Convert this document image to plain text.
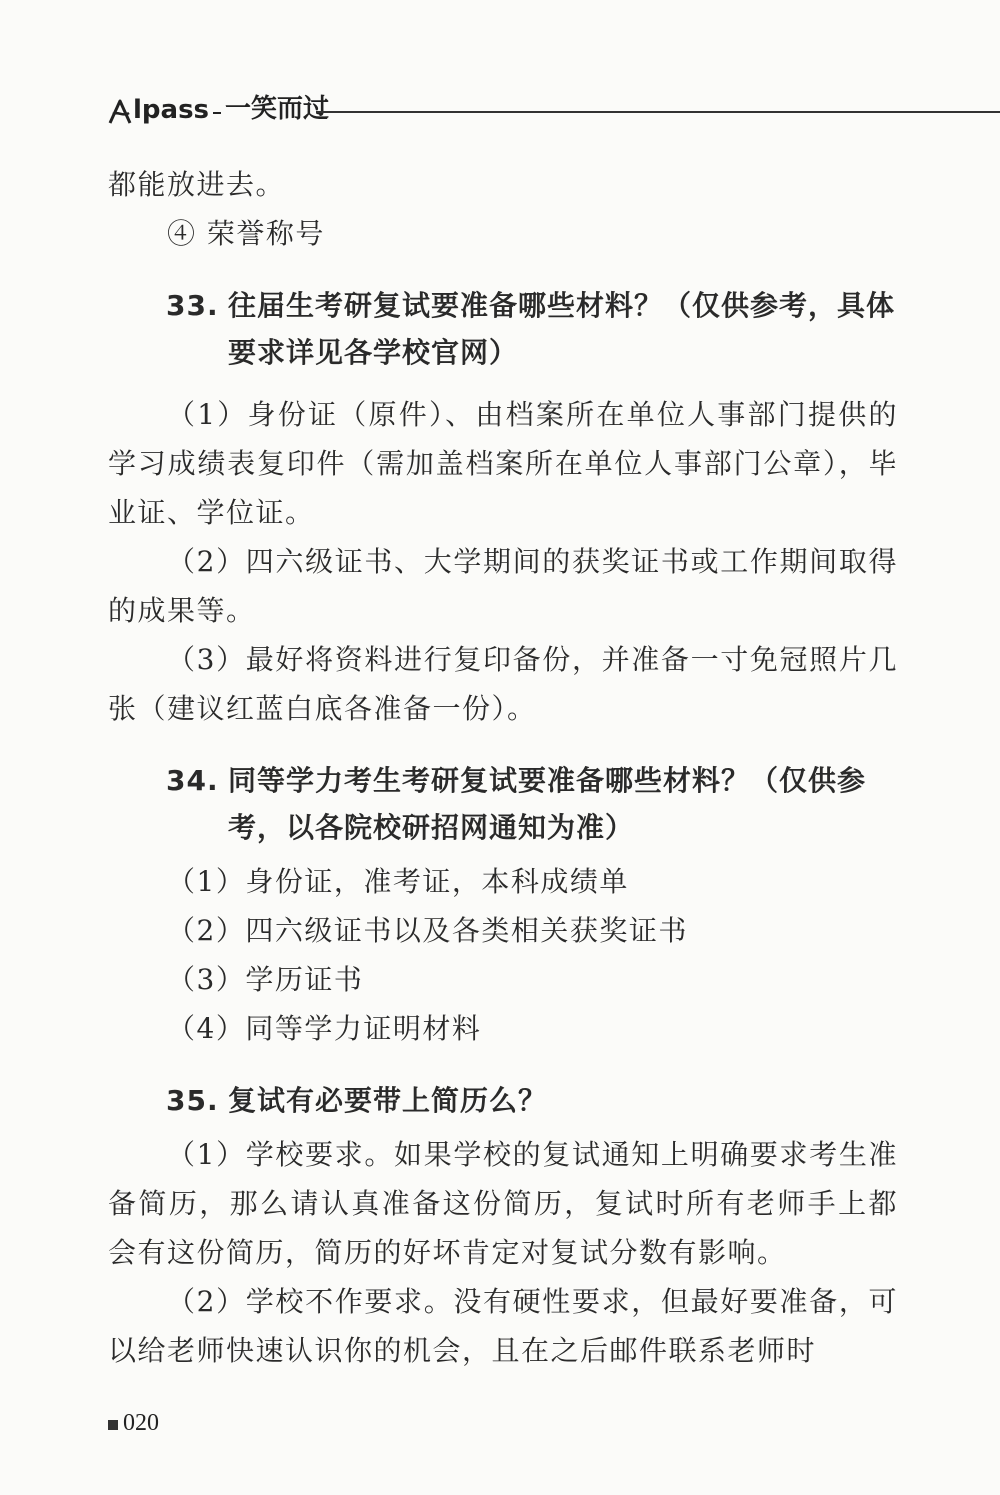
lpass 一笑而过

都能放进去。

④ 荣誉称号

33. 往届生考研复试要准备哪些材料？（仅供参考，具体要求详见各学校官网）

（1）身份证（原件）、由档案所在单位人事部门提供的学习成绩表复印件（需加盖档案所在单位人事部门公章），毕业证、学位证。

（2）四六级证书、大学期间的获奖证书或工作期间取得的成果等。

（3）最好将资料进行复印备份，并准备一寸免冠照片几张（建议红蓝白底各准备一份）。

34. 同等学力考生考研复试要准备哪些材料？（仅供参考，以各院校研招网通知为准）

（1）身份证，准考证，本科成绩单

（2）四六级证书以及各类相关获奖证书

（3）学历证书

（4）同等学力证明材料

35. 复试有必要带上简历么？

（1）学校要求。如果学校的复试通知上明确要求考生准备简历，那么请认真准备这份简历，复试时所有老师手上都会有这份简历，简历的好坏肯定对复试分数有影响。

（2）学校不作要求。没有硬性要求，但最好要准备，可以给老师快速认识你的机会，且在之后邮件联系老师时

020
